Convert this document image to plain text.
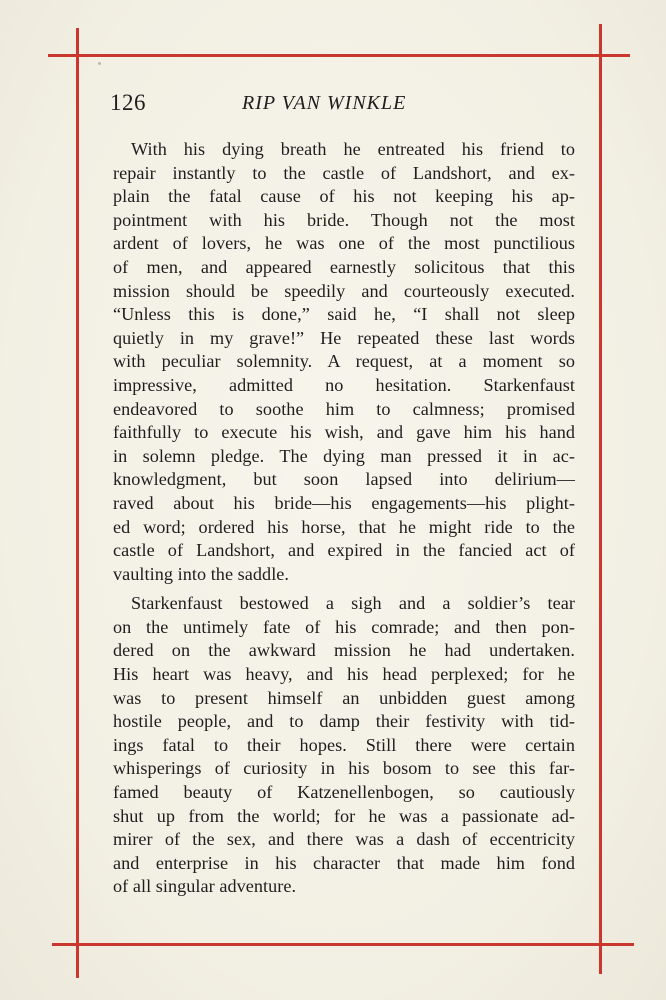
126	RIP VAN WINKLE
With his dying breath he entreated his friend to
repair instantly to the castle of Landshort, and ex-
plain the fatal cause of his not keeping his ap-
pointment with his bride. Though not the most
ardent of lovers, he was one of the most punctilious
of men, and appeared earnestly solicitous that this
mission should be speedily and courteously executed.
“Unless this is done,” said he, “I shall not sleep
quietly in my grave!” He repeated these last words
with peculiar solemnity. A request, at a moment so
impressive, admitted no hesitation. Starkenfaust
endeavored to soothe him to calmness; promised
faithfully to execute his wish, and gave him his hand
in solemn pledge. The dying man pressed it in ac-
knowledgment, but soon lapsed into delirium—
raved about his bride—his engagements—his plight-
ed word; ordered his horse, that he might ride to the
castle of Landshort, and expired in the fancied act of
vaulting into the saddle.
Starkenfaust bestowed a sigh and a soldier’s tear
on the untimely fate of his comrade; and then pon-
dered on the awkward mission he had undertaken.
His heart was heavy, and his head perplexed; for he
was to present himself an unbidden guest among
hostile people, and to damp their festivity with tid-
ings fatal to their hopes. Still there were certain
whisperings of curiosity in his bosom to see this far-
famed beauty of Katzenellenbogen, so cautiously
shut up from the world; for he was a passionate ad-
mirer of the sex, and there was a dash of eccentricity
and enterprise in his character that made him fond
of all singular adventure.
